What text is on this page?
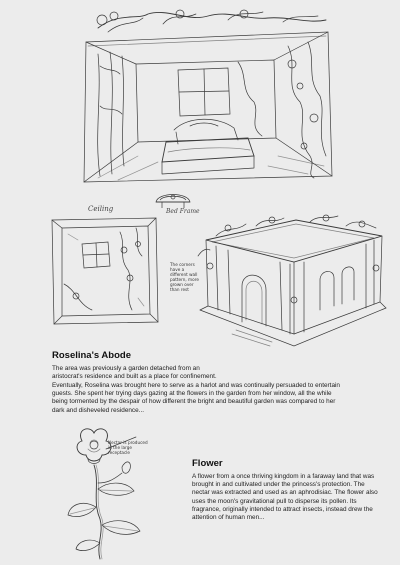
Bed Frame
Ceiling
The corners have a different wall pattern, more grown over than rest
Roselina's Abode

The area was previously a garden detached from an aristocrat's residence and built as a place for confinement.

Eventually, Roselina was brought here to serve as a harlot and was continually persuaded to entertain guests. She spent her trying days gazing at the flowers in the garden from her window, all the while being tormented by the despair of how different the bright and beautiful garden was compared to her dark and disheveled residence...

Nectar is produced in the large receptacle
Flower

A flower from a once thriving kingdom in a faraway land that was brought in and cultivated under the princess's protection. The nectar was extracted and used as an aphrodisiac. The flower also uses the moon's gravitational pull to disperse its pollen. Its fragrance, originally intended to attract insects, instead drew the attention of human men...
